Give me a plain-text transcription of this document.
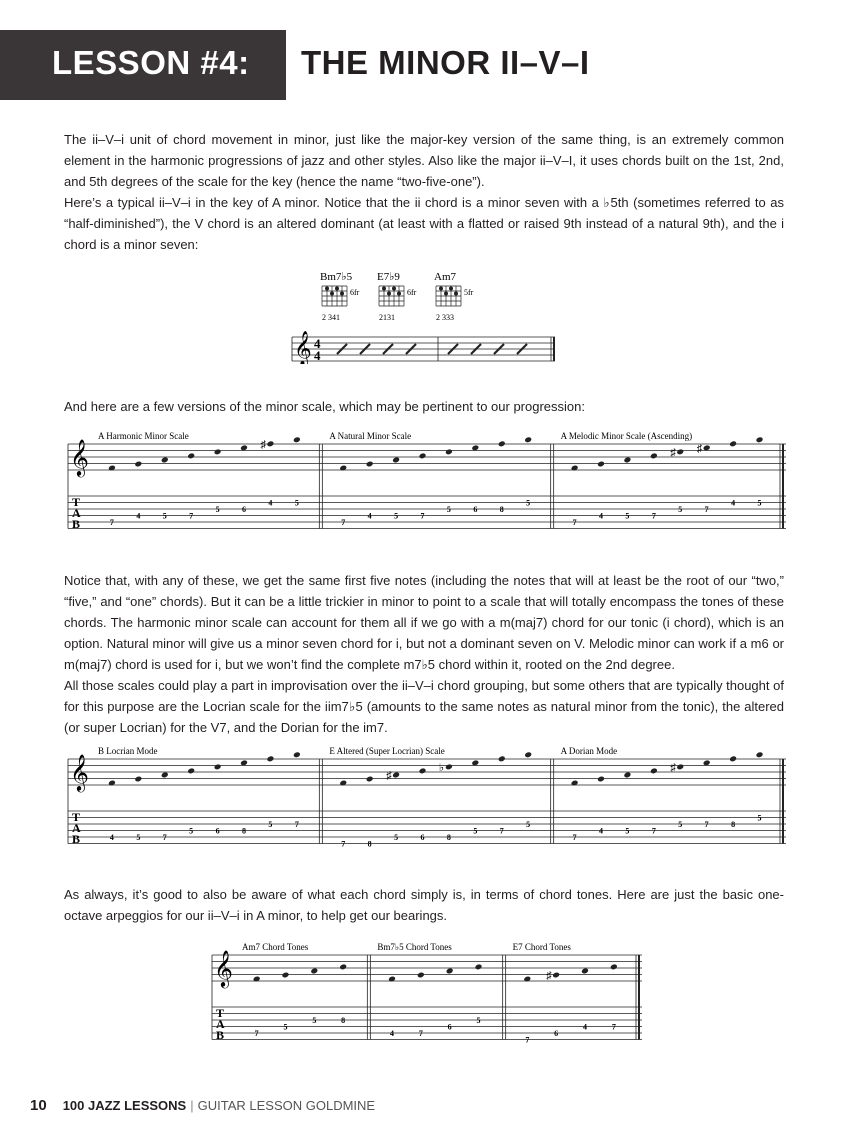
LESSON #4: THE MINOR II–V–I

The ii–V–i unit of chord movement in minor, just like the major-key version of the same thing, is an extremely common element in the harmonic progressions of jazz and other styles. Also like the major ii–V–I, it uses chords built on the 1st, 2nd, and 5th degrees of the scale for the key (hence the name “two-five-one”).

Here’s a typical ii–V–i in the key of A minor. Notice that the ii chord is a minor seven with a ♭5th (sometimes referred to as “half-diminished”), the V chord is an altered dominant (at least with a flatted or raised 9th instead of a natural 9th), and the i chord is a minor seven:

Bm7♭5
6fr
2 341
E7♭9
6fr
2131
Am7
5fr
2 333
𝄞 4
4

And here are a few versions of the minor scale, which may be pertinent to our progression:

𝄞
T
A
B
A Harmonic Minor Scale
7
4	5	7
5	6
♯
4	5
A Natural Minor Scale
7
4	5	7
5	6	8
5
A Melodic Minor Scale (Ascending)
7
4	5	7
♯
5
♯
7
4	5

Notice that, with any of these, we get the same first five notes (including the notes that will at least be the root of our “two,” “five,” and “one” chords). But it can be a little trickier in minor to point to a scale that will totally encompass the tones of these chords. The harmonic minor scale can account for them all if we go with a m(maj7) chord for our tonic (i chord), which is an option. Natural minor will give us a minor seven chord for i, but not a dominant seven on V. Melodic minor can work if a m6 or m(maj7) chord is used for i, but we won’t find the complete m7♭5 chord within it, rooted on the 2nd degree.

All those scales could play a part in improvisation over the ii–V–i chord grouping, but some others that are typically thought of for this purpose are the Locrian scale for the iim7♭5 (amounts to the same notes as natural minor from the tonic), the altered (or super Locrian) for the V7, and the Dorian for the im7.

𝄞
T
A
B
B Locrian Mode
4	5	7
5	6	8
5	7
E Altered (Super Locrian) Scale
7	8
♯
5	6
♭
8
5	7
5
A Dorian Mode
7
4	5	7
♯
5	7	8
5

As always, it’s good to also be aware of what each chord simply is, in terms of chord tones. Here are just the basic one-octave arpeggios for our ii–V–i in A minor, to help get our bearings.

𝄞
T
A
B
Am7 Chord Tones
7
5
5	8
Bm7♭5 Chord Tones
4	7
6
5
E7 Chord Tones
7
♯
6
4	7
10 100 JAZZ LESSONS | GUITAR LESSON GOLDMINE
